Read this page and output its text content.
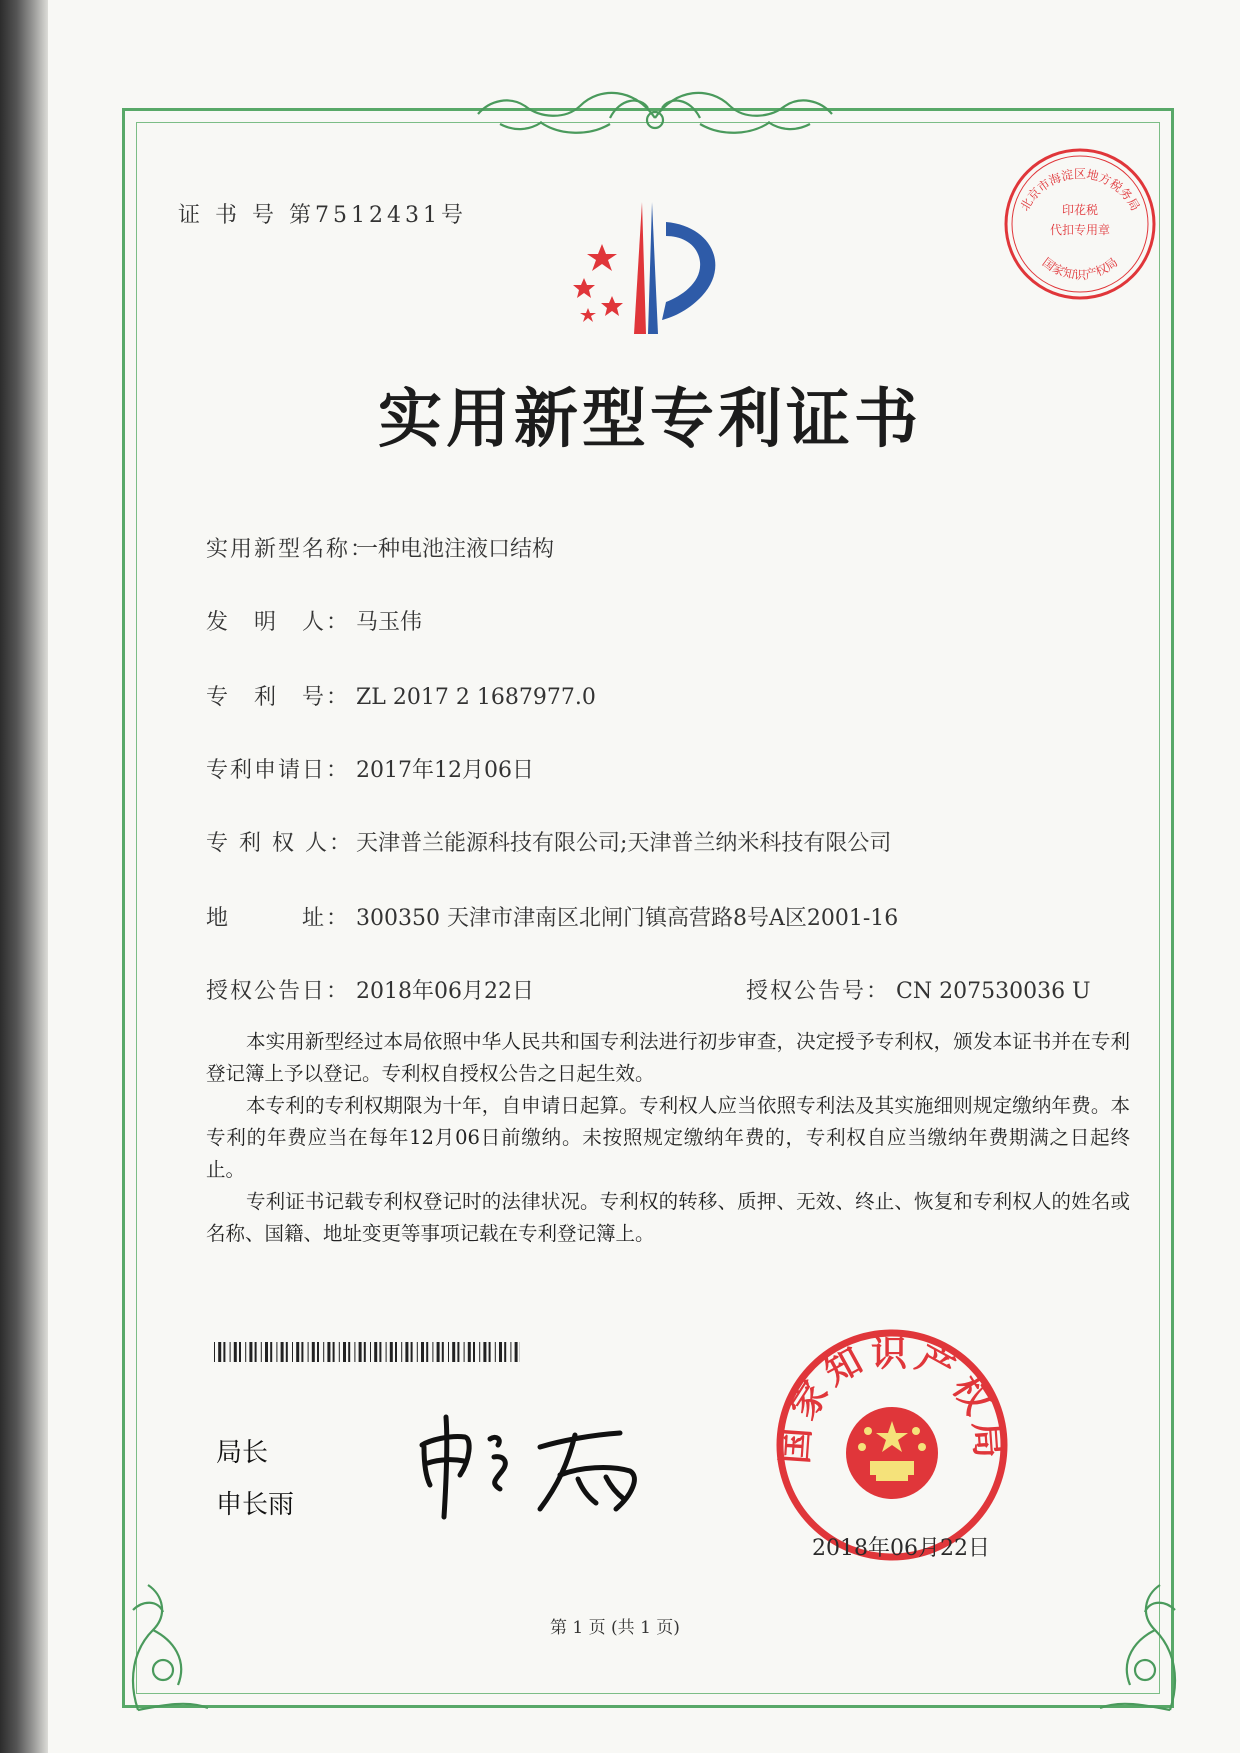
证 书 号 第7512431号
实用新型专利证书
实用新型名称：一种电池注液口结构
发　明　人： 马玉伟
专　利　号： ZL 2017 2 1687977.0
专利申请日： 2017年12月06日
专 利 权 人： 天津普兰能源科技有限公司;天津普兰纳米科技有限公司
地　　　址： 300350 天津市津南区北闸门镇高营路8号A区2001-16
授权公告日： 2018年06月22日	授权公告号： CN 207530036 U

本实用新型经过本局依照中华人民共和国专利法进行初步审查，决定授予专利权，颁发本证书并在专利登记簿上予以登记。专利权自授权公告之日起生效。

本专利的专利权期限为十年，自申请日起算。专利权人应当依照专利法及其实施细则规定缴纳年费。本专利的年费应当在每年12月06日前缴纳。未按照规定缴纳年费的，专利权自应当缴纳年费期满之日起终止。

专利证书记载专利权登记时的法律状况。专利权的转移、质押、无效、终止、恢复和专利权人的姓名或名称、国籍、地址变更等事项记载在专利登记簿上。

局长
申长雨
国家知识产权局
2018年06月22日
北京市海淀区地方税务局
国家知识产权局
印花税
代扣专用章
第 1 页 (共 1 页)
